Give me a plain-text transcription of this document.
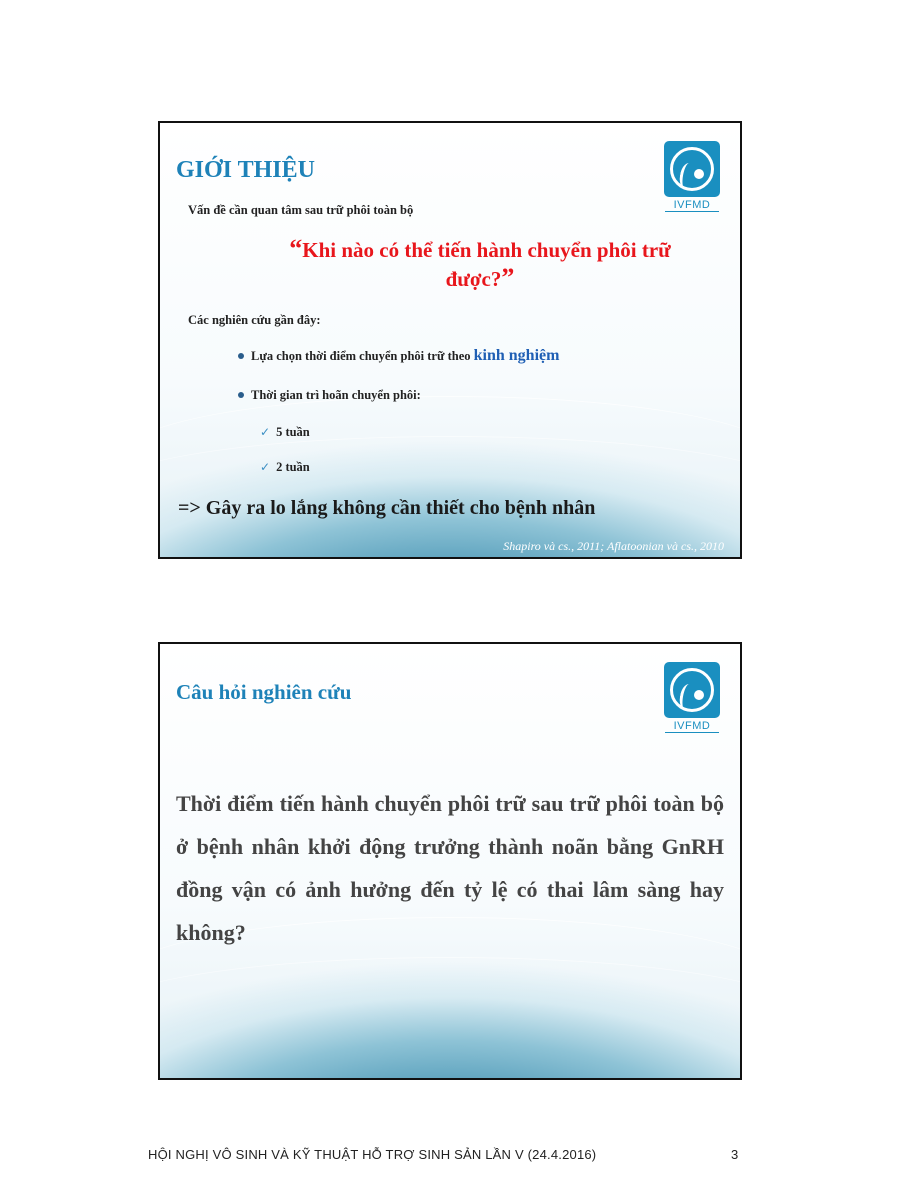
IVFMD
GIỚI THIỆU
Vấn đề cần quan tâm sau trữ phôi toàn bộ
“Khi nào có thể tiến hành chuyển phôi trữ được?”
Các nghiên cứu gần đây:
Lựa chọn thời điểm chuyển phôi trữ theo kinh nghiệm
Thời gian trì hoãn chuyển phôi:
✓ 5 tuần
✓ 2 tuần
=> Gây ra lo lắng không cần thiết cho bệnh nhân
Shapiro và cs., 2011; Aflatoonian và cs., 2010
IVFMD
Câu hỏi nghiên cứu
Thời điểm tiến hành chuyển phôi trữ sau trữ phôi toàn bộ ở bệnh nhân khởi động trưởng thành noãn bằng GnRH đồng vận có ảnh hưởng đến tỷ lệ có thai lâm sàng hay không?
HỘI NGHỊ VÔ SINH VÀ KỸ THUẬT HỖ TRỢ SINH SẢN LẦN V (24.4.2016)	3
